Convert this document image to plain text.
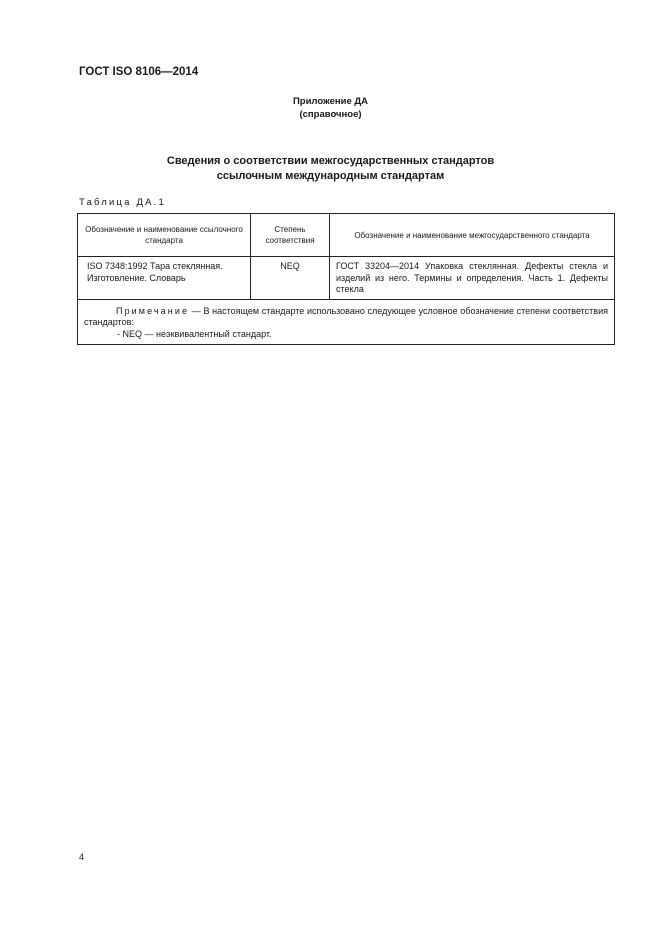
ГОСТ ISO 8106—2014
Приложение ДА
(справочное)
Сведения о соответствии межгосударственных стандартов
ссылочным международным стандартам
Таблица ДА.1
Обозначение и наименование ссылочного стандарта	Степень соответствия	Обозначение и наименование межгосударственного стандарта
ISO 7348:1992 Тара стеклянная. Изготовление. Словарь	NEQ	ГОСТ 33204—2014 Упаковка стеклянная. Дефекты стекла и изделий из него. Термины и определения. Часть 1. Дефекты стекла

Примечание — В настоящем стандарте использовано следующее условное обозначение степени соответствия стандартов:

- NEQ — неэквивалентный стандарт.		
4
